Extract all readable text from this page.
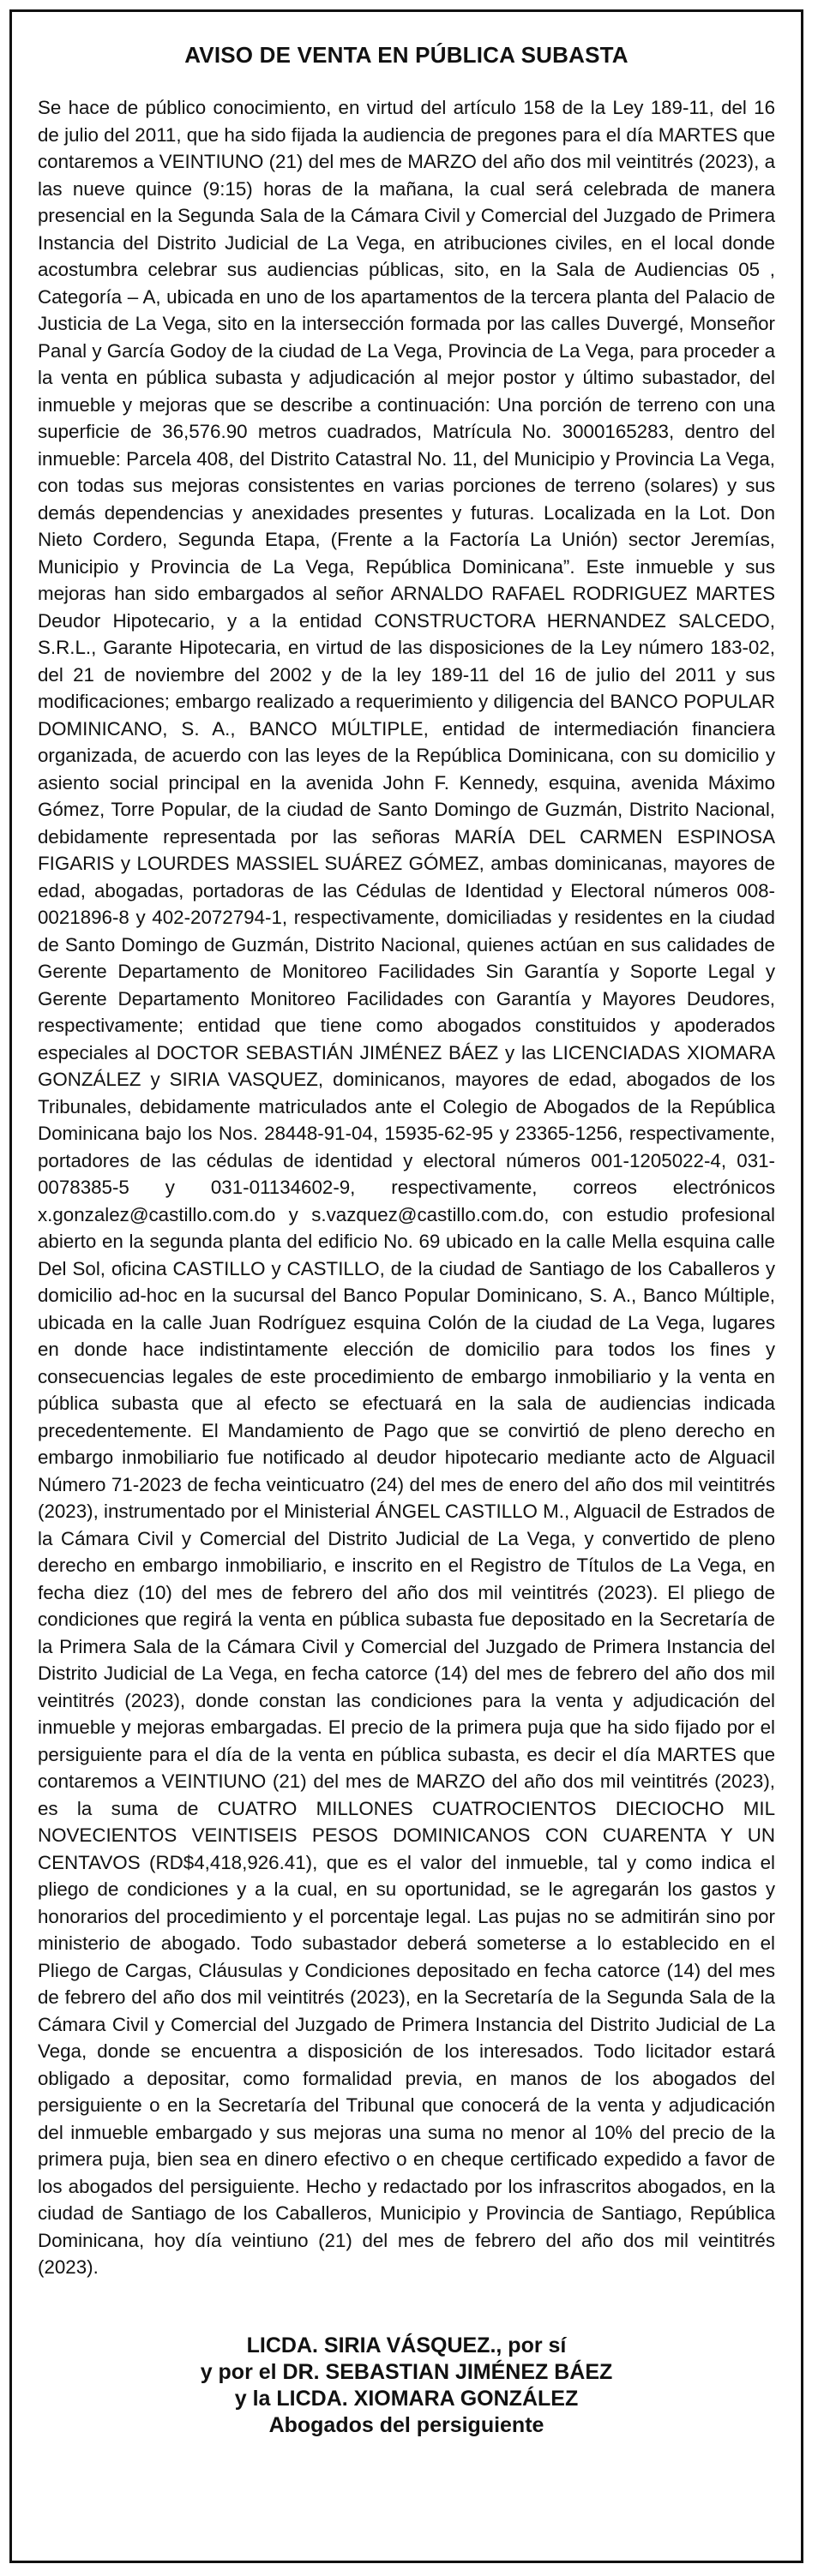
AVISO DE VENTA EN PÚBLICA SUBASTA

Se hace de público conocimiento, en virtud del artículo 158 de la Ley 189-11, del 16 de julio del 2011, que ha sido fijada la audiencia de pregones para el día MARTES que contaremos a VEINTIUNO (21) del mes de MARZO del año dos mil veintitrés (2023), a las nueve quince (9:15) horas de la mañana, la cual será celebrada de manera presencial en la Segunda Sala de la Cámara Civil y Comercial del Juzgado de Primera Instancia del Distrito Judicial de La Vega, en atribuciones civiles, en el local donde acostumbra celebrar sus audiencias públicas, sito, en la Sala de Audiencias 05 , Categoría – A, ubicada en uno de los apartamentos de la tercera planta del Palacio de Justicia de La Vega, sito en la intersección formada por las calles Duvergé, Monseñor Panal y García Godoy de la ciudad de La Vega, Provincia de La Vega, para proceder a la venta en pública subasta y adjudicación al mejor postor y último subastador, del inmueble y mejoras que se describe a continuación: Una porción de terreno con una superficie de 36,576.90 metros cuadrados, Matrícula No. 3000165283, dentro del inmueble: Parcela 408, del Distrito Catastral No. 11, del Municipio y Provincia La Vega, con todas sus mejoras consistentes en varias porciones de terreno (solares) y sus demás dependencias y anexidades presentes y futuras. Localizada en la Lot. Don Nieto Cordero, Segunda Etapa, (Frente a la Factoría La Unión) sector Jeremías, Municipio y Provincia de La Vega, República Dominicana”. Este inmueble y sus mejoras han sido embargados al señor ARNALDO RAFAEL RODRIGUEZ MARTES Deudor Hipotecario, y a la entidad CONSTRUCTORA HERNANDEZ SALCEDO, S.R.L., Garante Hipotecaria, en virtud de las disposiciones de la Ley número 183-02, del 21 de noviembre del 2002 y de la ley 189-11 del 16 de julio del 2011 y sus modificaciones; embargo realizado a requerimiento y diligencia del BANCO POPULAR DOMINICANO, S. A., BANCO MÚLTIPLE, entidad de intermediación financiera organizada, de acuerdo con las leyes de la República Dominicana, con su domicilio y asiento social principal en la avenida John F. Kennedy, esquina, avenida Máximo Gómez, Torre Popular, de la ciudad de Santo Domingo de Guzmán, Distrito Nacional, debidamente representada por las señoras MARÍA DEL CARMEN ESPINOSA FIGARIS y LOURDES MASSIEL SUÁREZ GÓMEZ, ambas dominicanas, mayores de edad, abogadas, portadoras de las Cédulas de Identidad y Electoral números 008-0021896-8 y 402-2072794-1, respectivamente, domiciliadas y residentes en la ciudad de Santo Domingo de Guzmán, Distrito Nacional, quienes actúan en sus calidades de Gerente Departamento de Monitoreo Facilidades Sin Garantía y Soporte Legal y Gerente Departamento Monitoreo Facilidades con Garantía y Mayores Deudores, respectivamente; entidad que tiene como abogados constituidos y apoderados especiales al DOCTOR SEBASTIÁN JIMÉNEZ BÁEZ y las LICENCIADAS XIOMARA GONZÁLEZ y SIRIA VASQUEZ, dominicanos, mayores de edad, abogados de los Tribunales, debidamente matriculados ante el Colegio de Abogados de la República Dominicana bajo los Nos. 28448-91-04, 15935-62-95 y 23365-1256, respectivamente, portadores de las cédulas de identidad y electoral números 001-1205022-4, 031-0078385-5 y 031-01134602-9, respectivamente, correos electrónicos x.gonzalez@castillo.com.do y s.vazquez@castillo.com.do, con estudio profesional abierto en la segunda planta del edificio No. 69 ubicado en la calle Mella esquina calle Del Sol, oficina CASTILLO y CASTILLO, de la ciudad de Santiago de los Caballeros y domicilio ad-hoc en la sucursal del Banco Popular Dominicano, S. A., Banco Múltiple, ubicada en la calle Juan Rodríguez esquina Colón de la ciudad de La Vega, lugares en donde hace indistintamente elección de domicilio para todos los fines y consecuencias legales de este procedimiento de embargo inmobiliario y la venta en pública subasta que al efecto se efectuará en la sala de audiencias indicada precedentemente. El Mandamiento de Pago que se convirtió de pleno derecho en embargo inmobiliario fue notificado al deudor hipotecario mediante acto de Alguacil Número 71-2023 de fecha veinticuatro (24) del mes de enero del año dos mil veintitrés (2023), instrumentado por el Ministerial ÁNGEL CASTILLO M., Alguacil de Estrados de la Cámara Civil y Comercial del Distrito Judicial de La Vega, y convertido de pleno derecho en embargo inmobiliario, e inscrito en el Registro de Títulos de La Vega, en fecha diez (10) del mes de febrero del año dos mil veintitrés (2023). El pliego de condiciones que regirá la venta en pública subasta fue depositado en la Secretaría de la Primera Sala de la Cámara Civil y Comercial del Juzgado de Primera Instancia del Distrito Judicial de La Vega, en fecha catorce (14) del mes de febrero del año dos mil veintitrés (2023), donde constan las condiciones para la venta y adjudicación del inmueble y mejoras embargadas. El precio de la primera puja que ha sido fijado por el persiguiente para el día de la venta en pública subasta, es decir el día MARTES que contaremos a VEINTIUNO (21) del mes de MARZO del año dos mil veintitrés (2023), es la suma de CUATRO MILLONES CUATROCIENTOS DIECIOCHO MIL NOVECIENTOS VEINTISEIS PESOS DOMINICANOS CON CUARENTA Y UN CENTAVOS (RD$4,418,926.41), que es el valor del inmueble, tal y como indica el pliego de condiciones y a la cual, en su oportunidad, se le agregarán los gastos y honorarios del procedimiento y el porcentaje legal. Las pujas no se admitirán sino por ministerio de abogado. Todo subastador deberá someterse a lo establecido en el Pliego de Cargas, Cláusulas y Condiciones depositado en fecha catorce (14) del mes de febrero del año dos mil veintitrés (2023), en la Secretaría de la Segunda Sala de la Cámara Civil y Comercial del Juzgado de Primera Instancia del Distrito Judicial de La Vega, donde se encuentra a disposición de los interesados. Todo licitador estará obligado a depositar, como formalidad previa, en manos de los abogados del persiguiente o en la Secretaría del Tribunal que conocerá de la venta y adjudicación del inmueble embargado y sus mejoras una suma no menor al 10% del precio de la primera puja, bien sea en dinero efectivo o en cheque certificado expedido a favor de los abogados del persiguiente. Hecho y redactado por los infrascritos abogados, en la ciudad de Santiago de los Caballeros, Municipio y Provincia de Santiago, República Dominicana, hoy día veintiuno (21) del mes de febrero del año dos mil veintitrés (2023).

LICDA. SIRIA VÁSQUEZ., por sí
y por el DR. SEBASTIAN JIMÉNEZ BÁEZ
y la LICDA. XIOMARA GONZÁLEZ
Abogados del persiguiente
